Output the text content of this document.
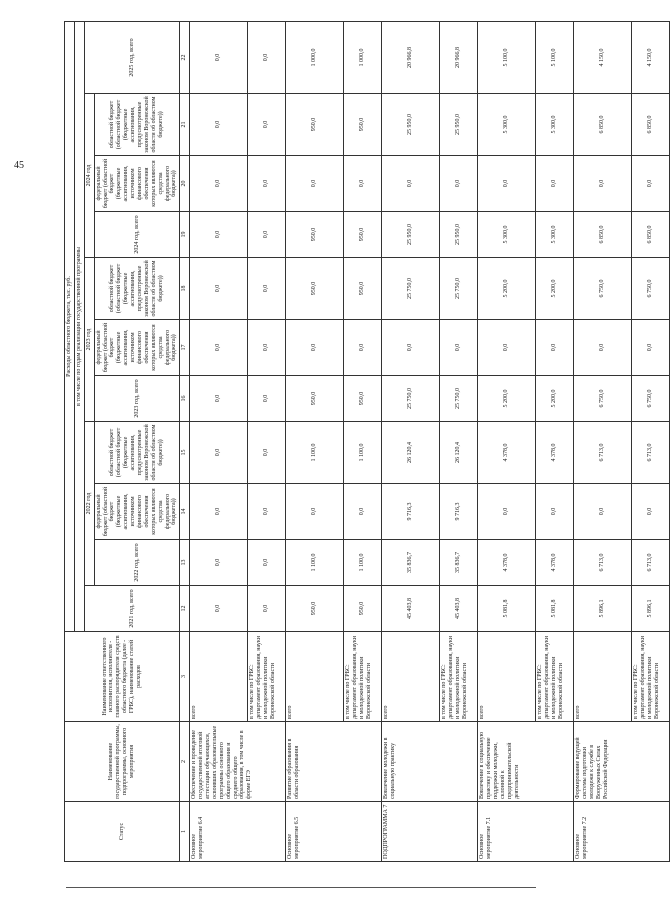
45
Статус	Наименование государственной программы, подпрограммы, основного мероприятия	Наименование ответственного исполнителя, исполнителя - главного распорядителя средств областного бюджета (далее - ГРБС), наименование статей расходов	Расходы областного бюджета, тыс. руб.										
			в том числе по годам реализации государственной программы										
			2021 год, всего	2022 год			2023 год			2024 год			2025 год, всего
				2022 год, всего	федеральный бюджет (областной бюджет (бюджетные ассигнования, источником финансового обеспечения которых являются средства федерального бюджета))	областной бюджет (областной бюджет (бюджетные ассигнования, предусмотренные законом Воронежской области об областном бюджете))	2023 год, всего	федеральный бюджет (областной бюджет (бюджетные ассигнования, источником финансового обеспечения которых являются средства федерального бюджета))	областной бюджет (областной бюджет (бюджетные ассигнования, предусмотренные законом Воронежской области об областном бюджете))	2024 год, всего	федеральный бюджет (областной бюджет (бюджетные ассигнования, источником финансового обеспечения которых являются средства федерального бюджета))	областной бюджет (областной бюджет (бюджетные ассигнования, предусмотренные законом Воронежской области об областном бюджете))	
1	2	3	12	13	14	15	16	17	18	19	20	21	22
Основное мероприятие 6.4	Обеспечение и проведение государственной итоговой аттестации обучающихся, освоивших образовательные программы основного общего образования и среднего общего образования, в том числе в форме ЕГЭ	всего	0,0	0,0	0,0	0,0	0,0	0,0	0,0	0,0	0,0	0,0	0,0
		в том числе по ГРБС: департамент образования, науки и молодежной политики Воронежской области	0,0	0,0	0,0	0,0	0,0	0,0	0,0	0,0	0,0	0,0	0,0
Основное мероприятие 6.5	Развитие образования в области образования	всего	950,0	1 100,0	0,0	1 100,0	950,0	0,0	950,0	950,0	0,0	950,0	1 000,0
		в том числе по ГРБС: департамент образования, науки и молодежной политики Воронежской области	950,0	1 100,0	0,0	1 100,0	950,0	0,0	950,0	950,0	0,0	950,0	1 000,0
ПОДПРОГРАММА 7	Вовлечение молодежи в социальную практику	всего	45 403,8	35 836,7	9 716,3	26 120,4	25 750,0	0,0	25 750,0	25 950,0	0,0	25 950,0	20 966,8
		в том числе по ГРБС: департамент образования, науки и молодежной политики Воронежской области	45 403,8	35 836,7	9 716,3	26 120,4	25 750,0	0,0	25 750,0	25 950,0	0,0	25 950,0	20 966,8
Основное мероприятие 7.1	Вовлечение в социальную практику и обеспечение поддержки молодежи, склонной к предпринимательской деятельности	всего	5 081,8	4 378,0	0,0	4 378,0	5 200,0	0,0	5 200,0	5 300,0	0,0	5 300,0	5 100,0
		в том числе по ГРБС: департамент образования, науки и молодежной политики Воронежской области	5 081,8	4 378,0	0,0	4 378,0	5 200,0	0,0	5 200,0	5 300,0	0,0	5 300,0	5 100,0
Основное мероприятие 7.2	Формирование ведущей системы подготовки молодежи к службе в Вооруженных Силах Российской Федерации	всего	5 896,1	6 713,0	0,0	6 713,0	6 750,0	0,0	6 750,0	6 850,0	0,0	6 850,0	4 150,0
		в том числе по ГРБС: департамент образования, науки и молодежной политики Воронежской области	5 896,1	6 713,0	0,0	6 713,0	6 750,0	0,0	6 750,0	6 850,0	0,0	6 850,0	4 150,0
